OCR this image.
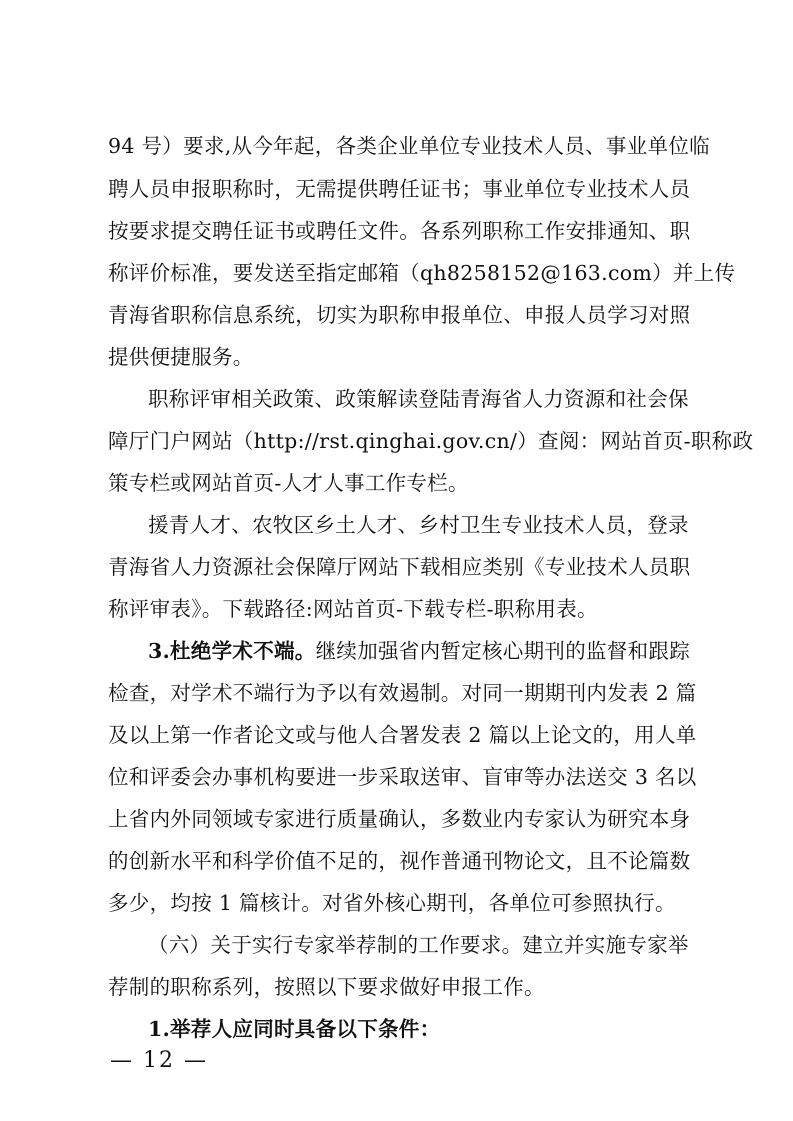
94 号）要求,从今年起，各类企业单位专业技术人员、事业单位临
聘人员申报职称时，无需提供聘任证书；事业单位专业技术人员
按要求提交聘任证书或聘任文件。各系列职称工作安排通知、职
称评价标准，要发送至指定邮箱（qh8258152@163.com）并上传
青海省职称信息系统，切实为职称申报单位、申报人员学习对照
提供便捷服务。
职称评审相关政策、政策解读登陆青海省人力资源和社会保
障厅门户网站（http://rst.qinghai.gov.cn/）查阅：网站首页-职称政
策专栏或网站首页-人才人事工作专栏。
援青人才、农牧区乡土人才、乡村卫生专业技术人员，登录
青海省人力资源社会保障厅网站下载相应类别《专业技术人员职
称评审表》。下载路径:网站首页-下载专栏-职称用表。
3.杜绝学术不端。继续加强省内暂定核心期刊的监督和跟踪
检查，对学术不端行为予以有效遏制。对同一期期刊内发表 2 篇
及以上第一作者论文或与他人合署发表 2 篇以上论文的，用人单
位和评委会办事机构要进一步采取送审、盲审等办法送交 3 名以
上省内外同领域专家进行质量确认，多数业内专家认为研究本身
的创新水平和科学价值不足的，视作普通刊物论文，且不论篇数
多少，均按 1 篇核计。对省外核心期刊，各单位可参照执行。
（六）关于实行专家举荐制的工作要求。建立并实施专家举
荐制的职称系列，按照以下要求做好申报工作。
1.举荐人应同时具备以下条件：
— 12 —
